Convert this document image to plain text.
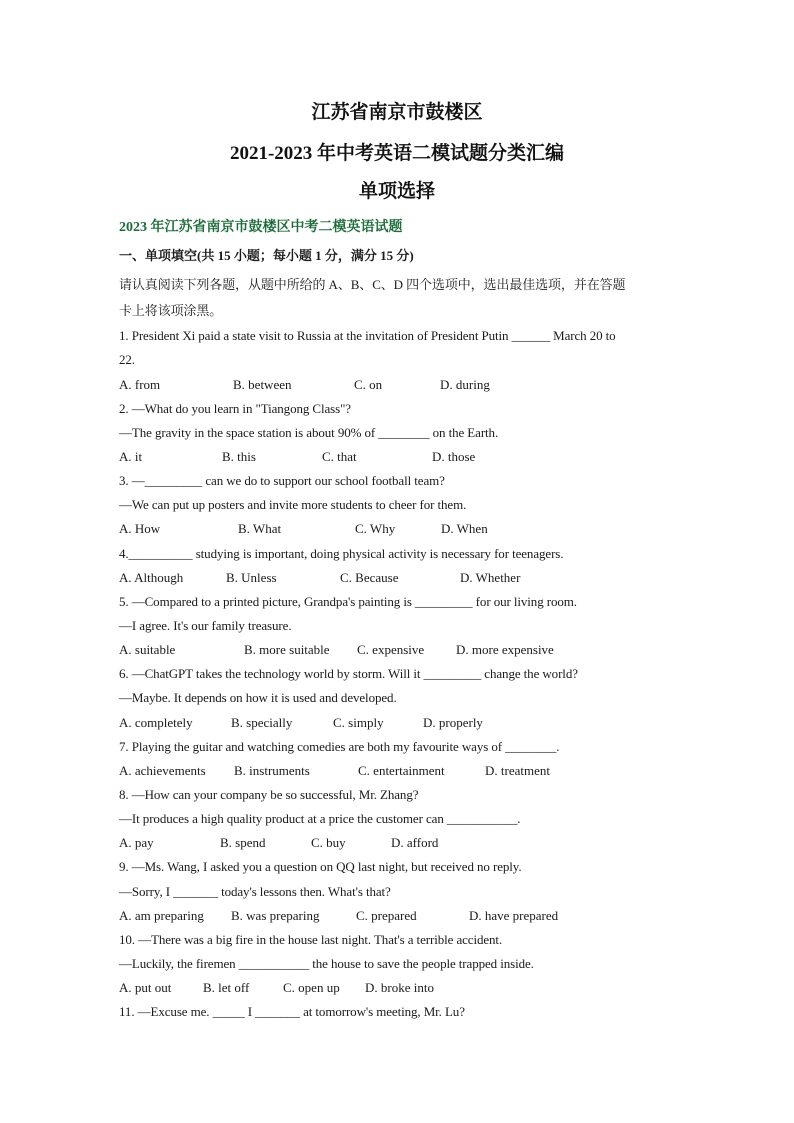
江苏省南京市鼓楼区
2021-2023 年中考英语二模试题分类汇编
单项选择
2023 年江苏省南京市鼓楼区中考二模英语试题
一、单项填空(共 15 小题；每小题 1 分，满分 15 分)
请认真阅读下列各题，从题中所给的 A、B、C、D 四个选项中，选出最佳选项，并在答题
卡上将该项涂黑。
1. President Xi paid a state visit to Russia at the invitation of President Putin ______ March 20 to
22.
A. from	B. between	C. on	D. during
2. —What do you learn in "Tiangong Class"?
—The gravity in the space station is about 90% of ________ on the Earth.
A. it	B. this	C. that	D. those
3. —_________ can we do to support our school football team?
—We can put up posters and invite more students to cheer for them.
A. How	B. What	C. Why	D. When
4.__________ studying is important, doing physical activity is necessary for teenagers.
A. Although	B. Unless	C. Because	D. Whether
5. —Compared to a printed picture, Grandpa's painting is _________ for our living room.
—I agree. It's our family treasure.
A. suitable	B. more suitable C. expensive D. more expensive
6. —ChatGPT takes the technology world by storm. Will it _________ change the world?
—Maybe. It depends on how it is used and developed.
A. completely	B. specially	C. simply	D. properly
7. Playing the guitar and watching comedies are both my favourite ways of ________.
A. achievements B. instruments	C. entertainment	D. treatment
8. —How can your company be so successful, Mr. Zhang?
—It produces a high quality product at a price the customer can ___________.
A. pay	B. spend	C. buy	D. afford
9. —Ms. Wang, I asked you a question on QQ last night, but received no reply.
—Sorry, I _______ today's lessons then. What's that?
A. am preparing B. was preparing	C. prepared	D. have prepared
10. —There was a big fire in the house last night. That's a terrible accident.
—Luckily, the firemen ___________ the house to save the people trapped inside.
A. put out B. let off	C. open up D. broke into
11. —Excuse me. _____ I _______ at tomorrow's meeting, Mr. Lu?
